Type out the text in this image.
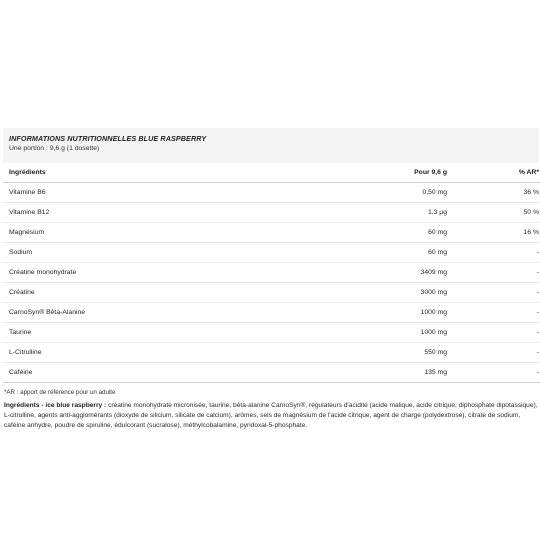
INFORMATIONS NUTRITIONNELLES BLUE RASPBERRY
Une portion : 9,6 g (1 dosette)
Ingrédients	Pour 9,6 g	% AR*
Vitamine B6	0,50 mg	36 %
Vitamine B12	1,3 µg	50 %
Magnésium	60 mg	16 %
Sodium	60 mg	-
Créatine monohydrate	3409 mg	-
Créatine	3000 mg	-
CarnoSyn® Bêta-Alanine	1000 mg	-
Taurine	1000 mg	-
L-Citrulline	550 mg	-
Caféine	135 mg	-
*AR : apport de référence pour un adulte
Ingrédients - ice blue raspberry : créatine monohydrate micronisée, taurine, bêta-alanine CarnoSyn®, régulateurs d'acidité (acide malique, acide citrique, diphosphate dipotassique), L-citrulline, agents anti-agglomérants (dioxyde de silicium, silicate de calcium), arômes, sels de magnésium de l'acide citrique, agent de charge (polydextrose), citrate de sodium, caféine anhydre, poudre de spiruline, édulcorant (sucralose), méthylcobalamine, pyridoxal-5-phosphate.
